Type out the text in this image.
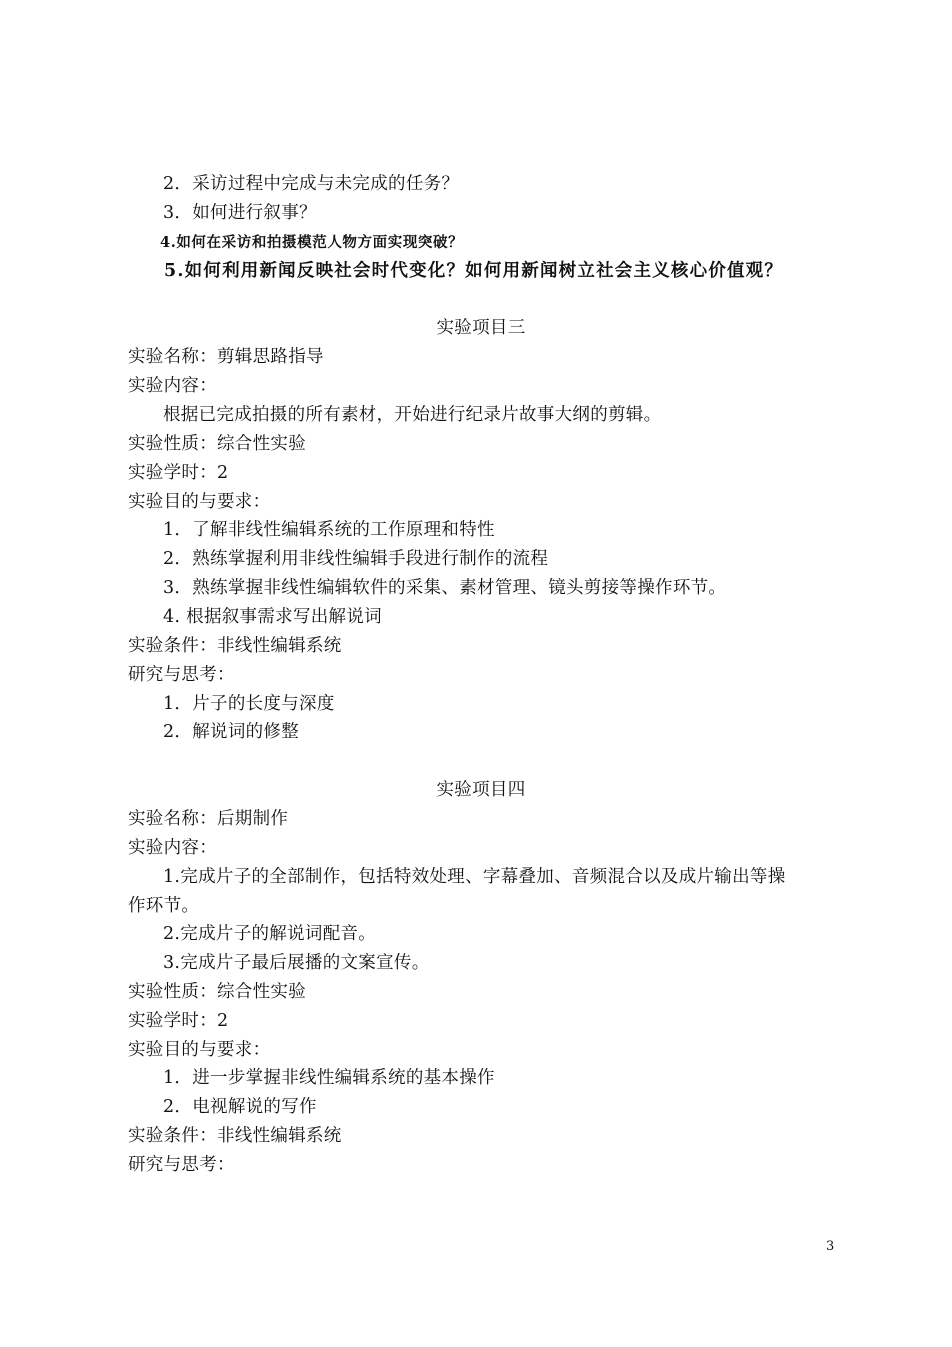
2．采访过程中完成与未完成的任务？
3．如何进行叙事？
4.如何在采访和拍摄模范人物方面实现突破？
5.如何利用新闻反映社会时代变化？如何用新闻树立社会主义核心价值观？
实验项目三
实验名称：剪辑思路指导
实验内容：
根据已完成拍摄的所有素材，开始进行纪录片故事大纲的剪辑。
实验性质：综合性实验
实验学时：2
实验目的与要求：
1．了解非线性编辑系统的工作原理和特性
2．熟练掌握利用非线性编辑手段进行制作的流程
3．熟练掌握非线性编辑软件的采集、素材管理、镜头剪接等操作环节。
4. 根据叙事需求写出解说词
实验条件：非线性编辑系统
研究与思考：
1．片子的长度与深度
2．解说词的修整
实验项目四
实验名称：后期制作
实验内容：
1.完成片子的全部制作，包括特效处理、字幕叠加、音频混合以及成片输出等操
作环节。
2.完成片子的解说词配音。
3.完成片子最后展播的文案宣传。
实验性质：综合性实验
实验学时：2
实验目的与要求：
1．进一步掌握非线性编辑系统的基本操作
2．电视解说的写作
实验条件：非线性编辑系统
研究与思考：
3
